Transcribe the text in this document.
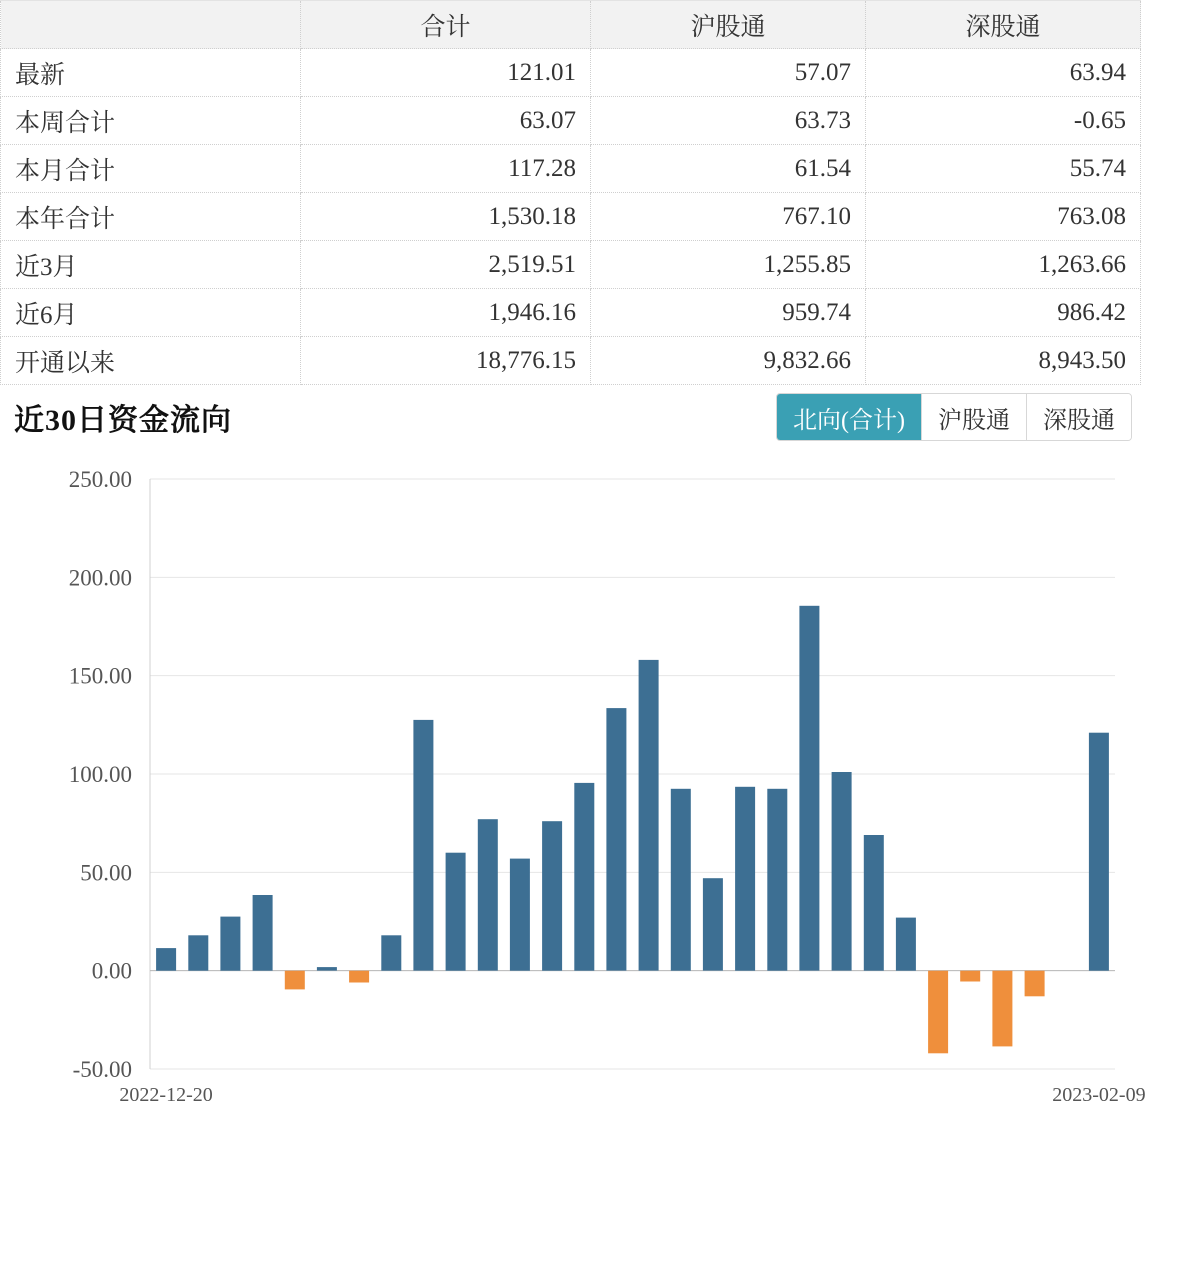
	合计	沪股通	深股通
最新	121.01	57.07	63.94
本周合计	63.07	63.73	-0.65
本月合计	117.28	61.54	55.74
本年合计	1,530.18	767.10	763.08
近3月	2,519.51	1,255.85	1,263.66
近6月	1,946.16	959.74	986.42
开通以来	18,776.15	9,832.66	8,943.50
近30日资金流向	北向(合计)	沪股通	深股通
-50.00
0.00
50.00
100.00
150.00
200.00
250.00
2022-12-20	2023-02-09
